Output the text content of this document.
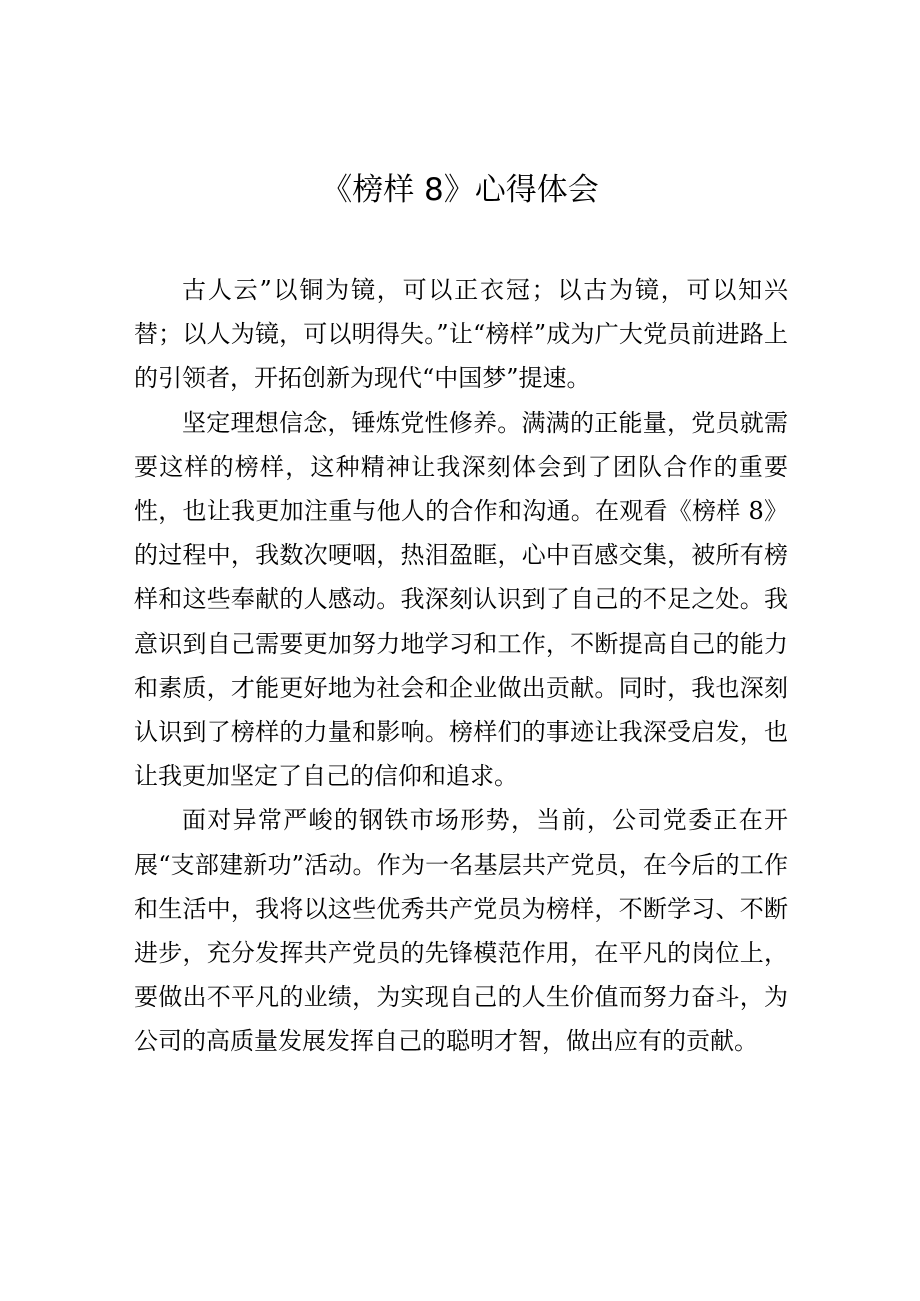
《榜样 8》心得体会

古人云”以铜为镜，可以正衣冠；以古为镜，可以知兴替；以人为镜，可以明得失。”让“榜样”成为广大党员前进路上的引领者，开拓创新为现代“中国梦”提速。

坚定理想信念，锤炼党性修养。满满的正能量，党员就需要这样的榜样，这种精神让我深刻体会到了团队合作的重要性，也让我更加注重与他人的合作和沟通。在观看《榜样 8》的过程中，我数次哽咽，热泪盈眶，心中百感交集，被所有榜样和这些奉献的人感动。我深刻认识到了自己的不足之处。我意识到自己需要更加努力地学习和工作，不断提高自己的能力和素质，才能更好地为社会和企业做出贡献。同时，我也深刻认识到了榜样的力量和影响。榜样们的事迹让我深受启发，也让我更加坚定了自己的信仰和追求。

面对异常严峻的钢铁市场形势，当前，公司党委正在开展“支部建新功”活动。作为一名基层共产党员，在今后的工作和生活中，我将以这些优秀共产党员为榜样，不断学习、不断进步，充分发挥共产党员的先锋模范作用，在平凡的岗位上，要做出不平凡的业绩，为实现自己的人生价值而努力奋斗，为公司的高质量发展发挥自己的聪明才智，做出应有的贡献。
